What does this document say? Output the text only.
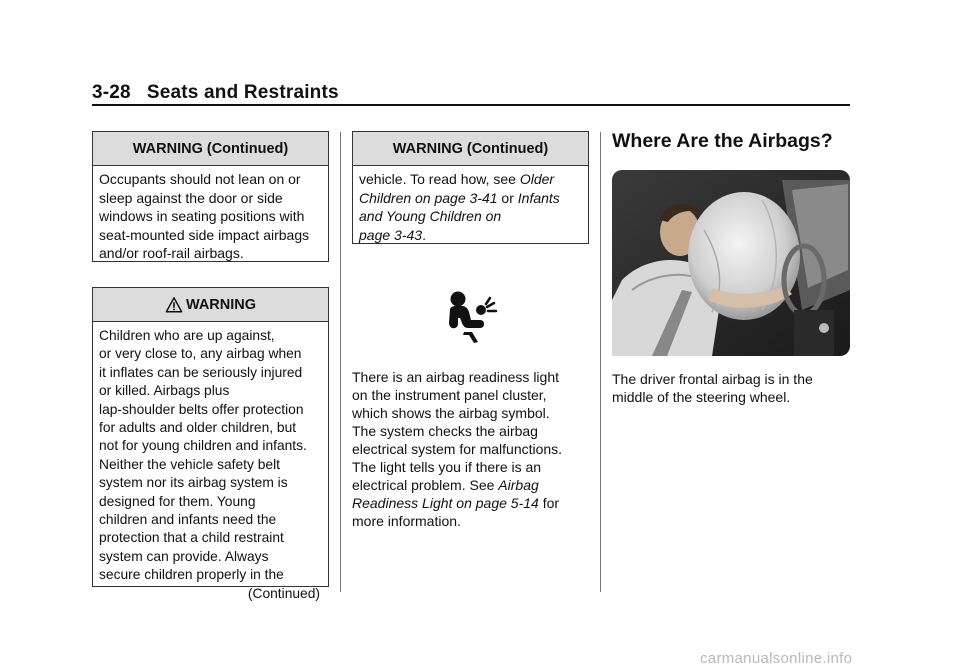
3-28 Seats and Restraints
WARNING (Continued)
Occupants should not lean on or
sleep against the door or side
windows in seating positions with
seat-mounted side impact airbags
and/or roof-rail airbags.
WARNING
Children who are up against,
or very close to, any airbag when
it inflates can be seriously injured
or killed. Airbags plus
lap-shoulder belts offer protection
for adults and older children, but
not for young children and infants.
Neither the vehicle safety belt
system nor its airbag system is
designed for them. Young
children and infants need the
protection that a child restraint
system can provide. Always
secure children properly in the
(Continued)
WARNING (Continued)
vehicle. To read how, see Older
Children on page 3-41 or Infants
and Young Children on
page 3-43.
There is an airbag readiness light
on the instrument panel cluster,
which shows the airbag symbol.
The system checks the airbag
electrical system for malfunctions.
The light tells you if there is an
electrical problem. See Airbag
Readiness Light on page 5-14 for
more information.
Where Are the Airbags?
The driver frontal airbag is in the
middle of the steering wheel.
carmanualsonline.info
